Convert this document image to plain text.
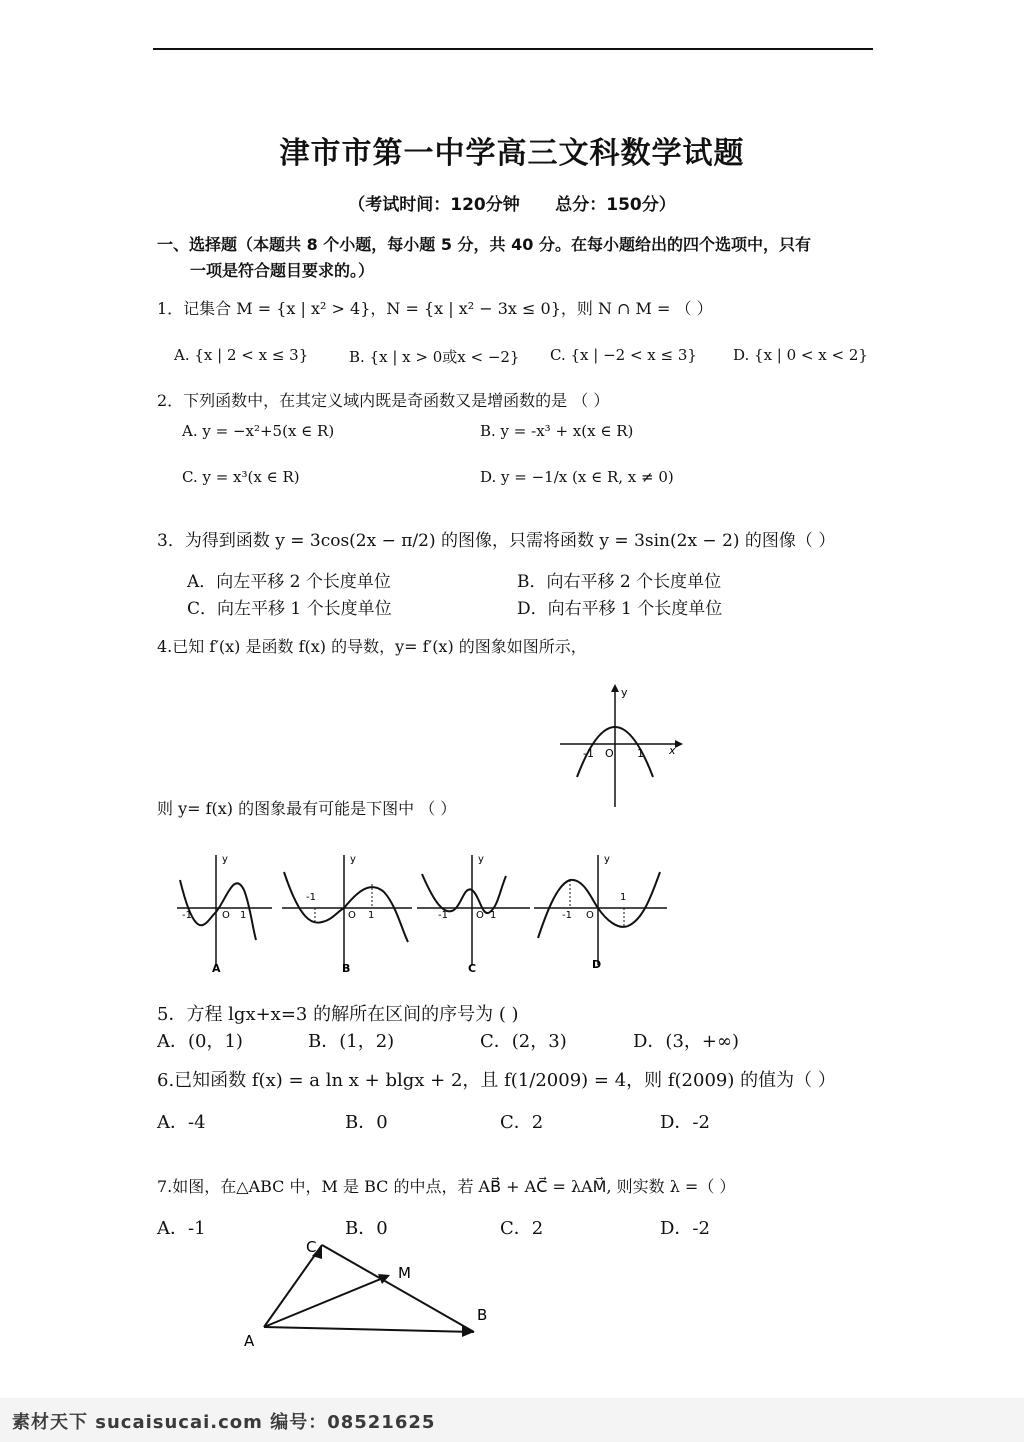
津市市第一中学高三文科数学试题
（考试时间：120分钟      总分：150分）
一、选择题（本题共 8 个小题，每小题 5 分，共 40 分。在每小题给出的四个选项中，只有
一项是符合题目要求的。）
1．记集合 M = {x | x² > 4}，N = {x | x² − 3x ≤ 0}，则 N ∩ M = （ ）
A. {x | 2 < x ≤ 3}	B. {x | x > 0或x < −2} C. {x | −2 < x ≤ 3} D. {x | 0 < x < 2}
2．下列函数中，在其定义域内既是奇函数又是增函数的是 （ ）
A. y = −x²+5(x ∈ R)	B. y = -x³ + x(x ∈ R)
C. y = x³(x ∈ R)	D. y = −1/x (x ∈ R, x ≠ 0)
3．为得到函数 y = 3cos(2x − π/2) 的图像，只需将函数 y = 3sin(2x − 2) 的图像（ ）
A．向左平移 2 个长度单位	B．向右平移 2 个长度单位
C．向左平移 1 个长度单位	D．向右平移 1 个长度单位
4.已知 f′(x) 是函数 f(x) 的导数，y= f′(x) 的图象如图所示，
y
x
-1 O 1
则 y= f(x) 的图象最有可能是下图中 （ ）
y
-1	O 1
A
y
-1
O 1
B
y
-1	O 1
C
y
-1 O
1
D
5．方程 lgx+x=3 的解所在区间的序号为 ( )
A．(0，1)	B．(1，2)	C．(2，3)	D．(3，+∞)
6.已知函数 f(x) = a ln x + blgx + 2，且 f(1/2009) = 4，则 f(2009) 的值为（ ）
A．-4	B．0	C．2	D．-2
7.如图，在△ABC 中，M 是 BC 的中点，若 AB⃗ + AC⃗ = λAM⃗, 则实数 λ =（ ）
A．-1	B．0	C．2	D．-2
A
B
C
M
素材天下 sucaisucai.com 编号：08521625
